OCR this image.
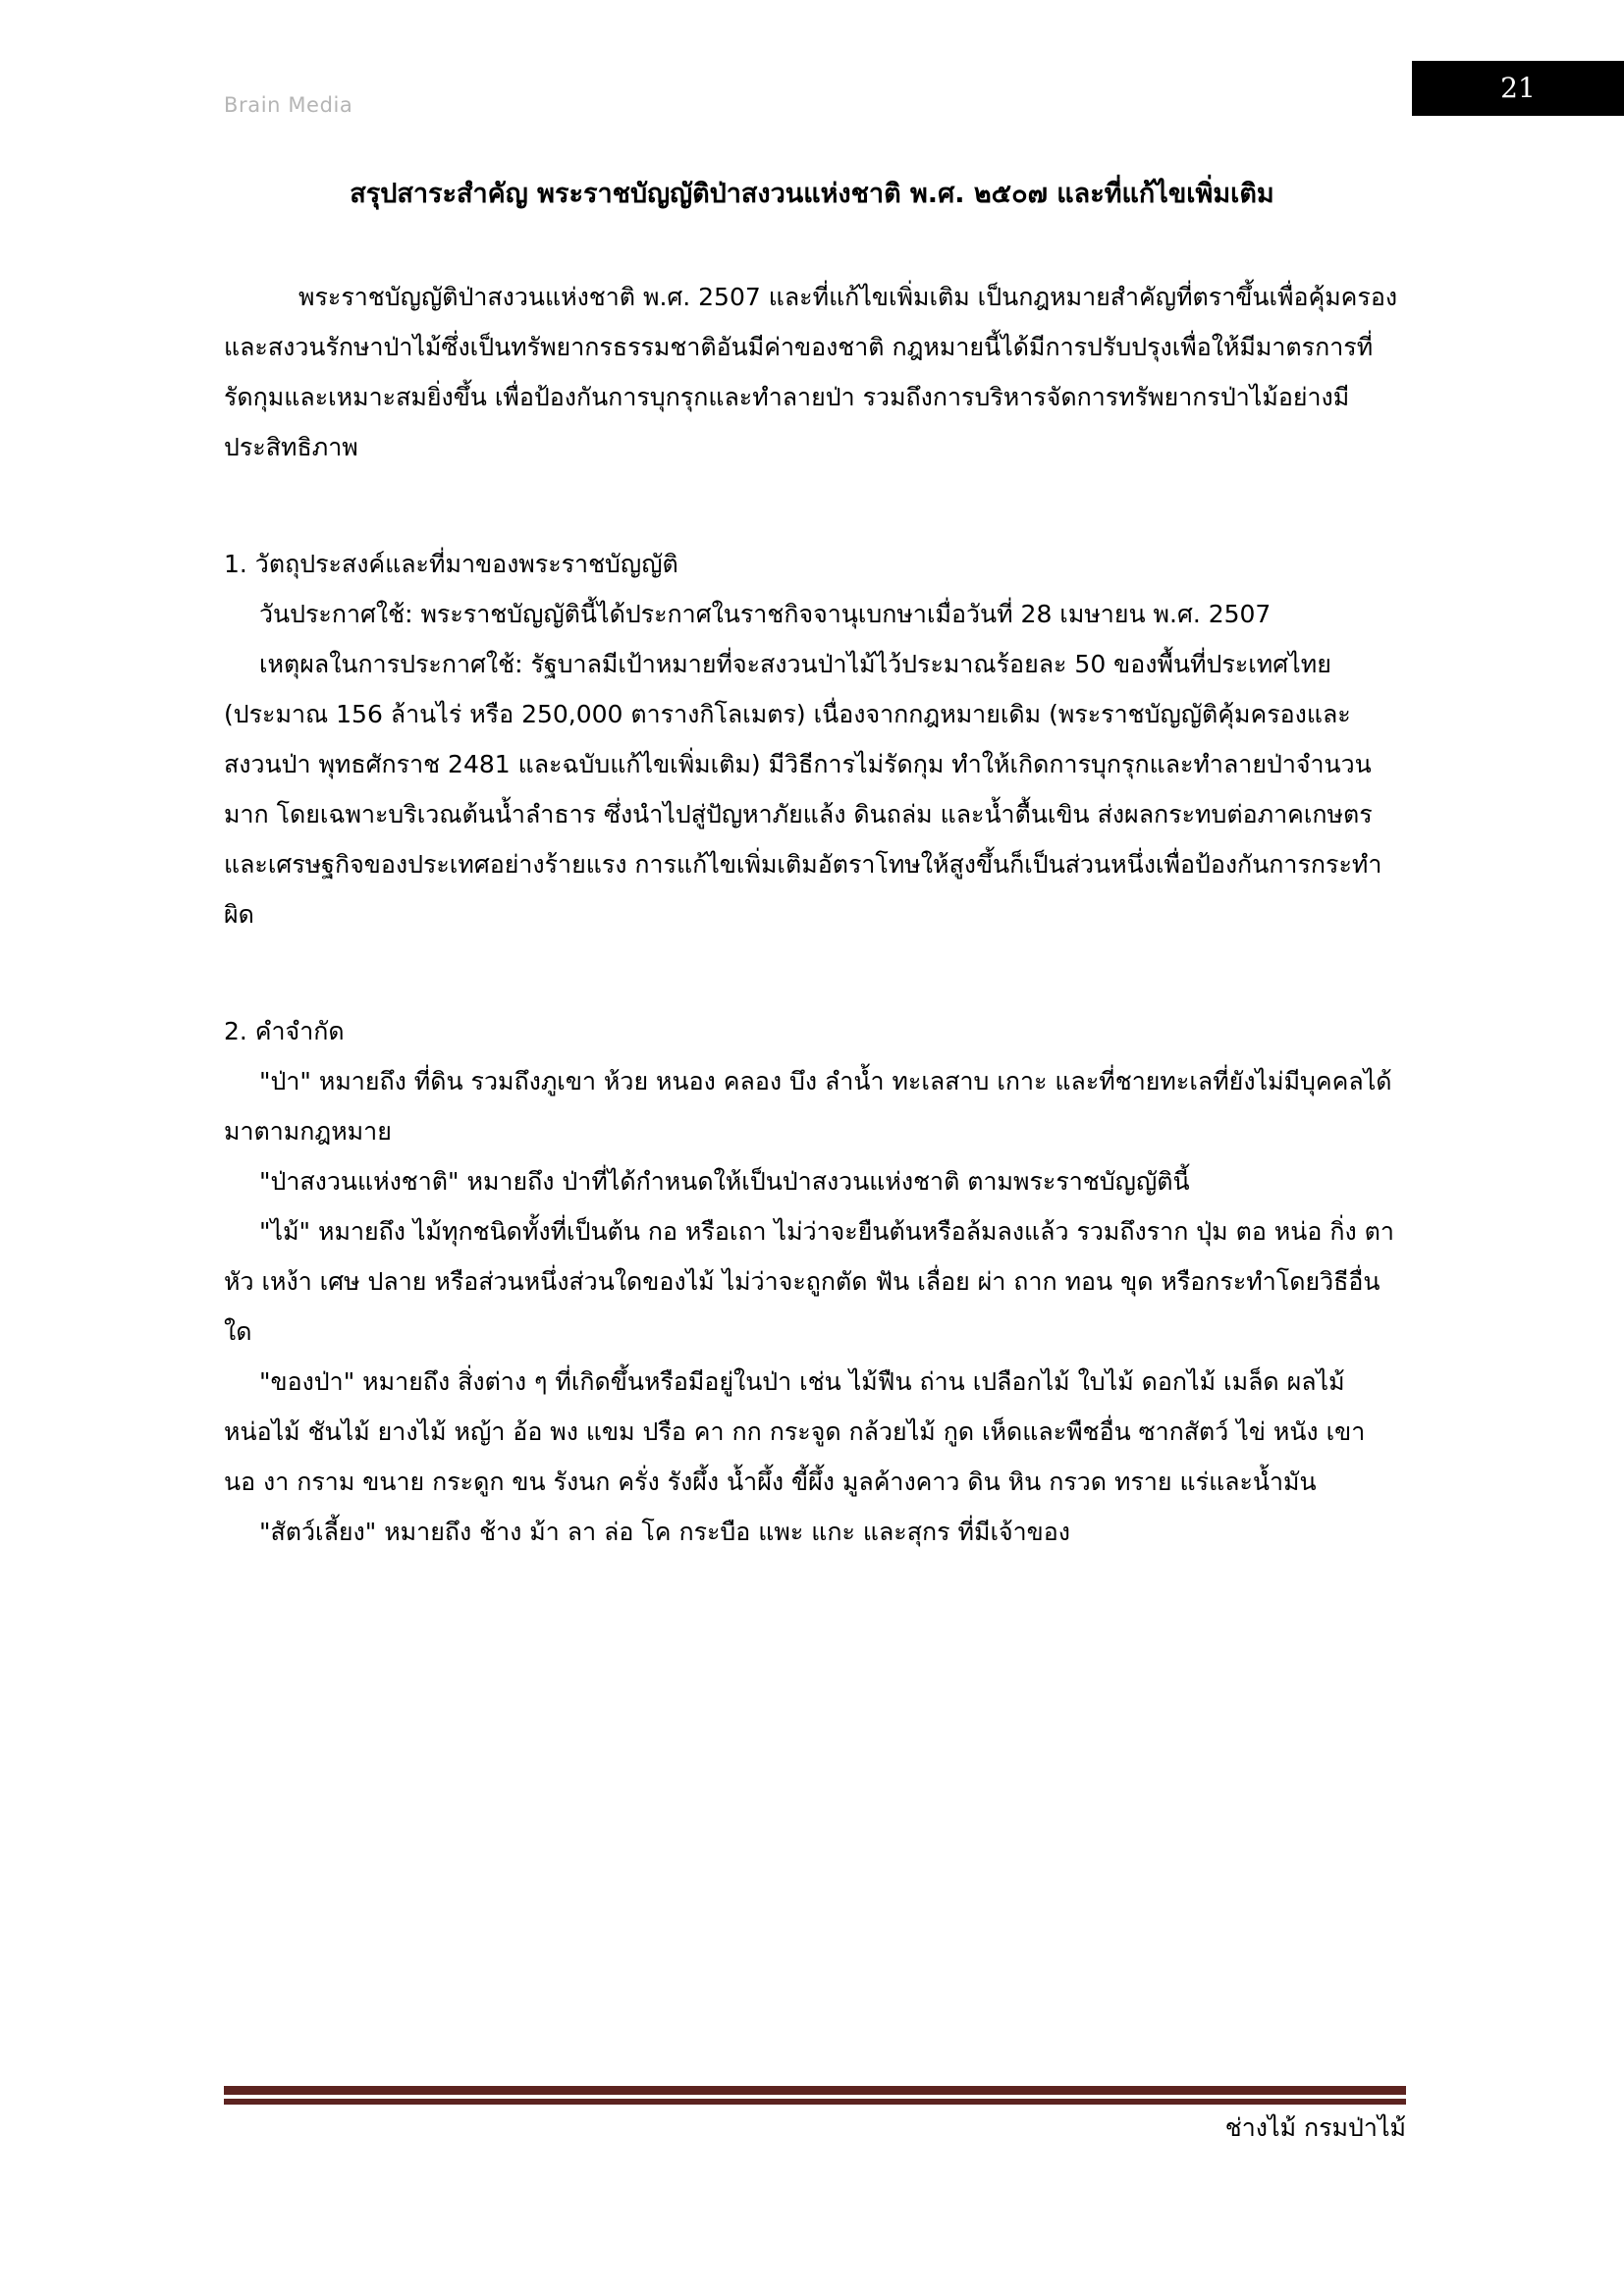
Brain Media
21
สรุปสาระสำคัญ พระราชบัญญัติป่าสงวนแห่งชาติ พ.ศ. ๒๕๐๗ และที่แก้ไขเพิ่มเติม

พระราชบัญญัติป่าสงวนแห่งชาติ พ.ศ. 2507 และที่แก้ไขเพิ่มเติม เป็นกฎหมายสำคัญที่ตราขึ้นเพื่อคุ้มครองและสงวนรักษาป่าไม้ซึ่งเป็นทรัพยากรธรรมชาติอันมีค่าของชาติ กฎหมายนี้ได้มีการปรับปรุงเพื่อให้มีมาตรการที่รัดกุมและเหมาะสมยิ่งขึ้น เพื่อป้องกันการบุกรุกและทำลายป่า รวมถึงการบริหารจัดการทรัพยากรป่าไม้อย่างมีประสิทธิภาพ

1. วัตถุประสงค์และที่มาของพระราชบัญญัติ

วันประกาศใช้: พระราชบัญญัตินี้ได้ประกาศในราชกิจจานุเบกษาเมื่อวันที่ 28 เมษายน พ.ศ. 2507

เหตุผลในการประกาศใช้: รัฐบาลมีเป้าหมายที่จะสงวนป่าไม้ไว้ประมาณร้อยละ 50 ของพื้นที่ประเทศไทย (ประมาณ 156 ล้านไร่ หรือ 250,000 ตารางกิโลเมตร) เนื่องจากกฎหมายเดิม (พระราชบัญญัติคุ้มครองและสงวนป่า พุทธศักราช 2481 และฉบับแก้ไขเพิ่มเติม) มีวิธีการไม่รัดกุม ทำให้เกิดการบุกรุกและทำลายป่าจำนวนมาก โดยเฉพาะบริเวณต้นน้ำลำธาร ซึ่งนำไปสู่ปัญหาภัยแล้ง ดินถล่ม และน้ำตื้นเขิน ส่งผลกระทบต่อภาคเกษตรและเศรษฐกิจของประเทศอย่างร้ายแรง การแก้ไขเพิ่มเติมอัตราโทษให้สูงขึ้นก็เป็นส่วนหนึ่งเพื่อป้องกันการกระทำผิด

2. คำจำกัด

"ป่า" หมายถึง ที่ดิน รวมถึงภูเขา ห้วย หนอง คลอง บึง ลำน้ำ ทะเลสาบ เกาะ และที่ชายทะเลที่ยังไม่มีบุคคลได้มาตามกฎหมาย

"ป่าสงวนแห่งชาติ" หมายถึง ป่าที่ได้กำหนดให้เป็นป่าสงวนแห่งชาติ ตามพระราชบัญญัตินี้

"ไม้" หมายถึง ไม้ทุกชนิดทั้งที่เป็นต้น กอ หรือเถา ไม่ว่าจะยืนต้นหรือล้มลงแล้ว รวมถึงราก ปุ่ม ตอ หน่อ กิ่ง ตา หัว เหง้า เศษ ปลาย หรือส่วนหนึ่งส่วนใดของไม้ ไม่ว่าจะถูกตัด ฟัน เลื่อย ผ่า ถาก ทอน ขุด หรือกระทำโดยวิธีอื่นใด

"ของป่า" หมายถึง สิ่งต่าง ๆ ที่เกิดขึ้นหรือมีอยู่ในป่า เช่น ไม้ฟืน ถ่าน เปลือกไม้ ใบไม้ ดอกไม้ เมล็ด ผลไม้ หน่อไม้ ชันไม้ ยางไม้ หญ้า อ้อ พง แขม ปรือ คา กก กระจูด กล้วยไม้ กูด เห็ดและพืชอื่น ซากสัตว์ ไข่ หนัง เขา นอ งา กราม ขนาย กระดูก ขน รังนก ครั่ง รังผึ้ง น้ำผึ้ง ขี้ผึ้ง มูลค้างคาว ดิน หิน กรวด ทราย แร่และน้ำมัน

"สัตว์เลี้ยง" หมายถึง ช้าง ม้า ลา ล่อ โค กระบือ แพะ แกะ และสุกร ที่มีเจ้าของ

ช่างไม้ กรมป่าไม้
